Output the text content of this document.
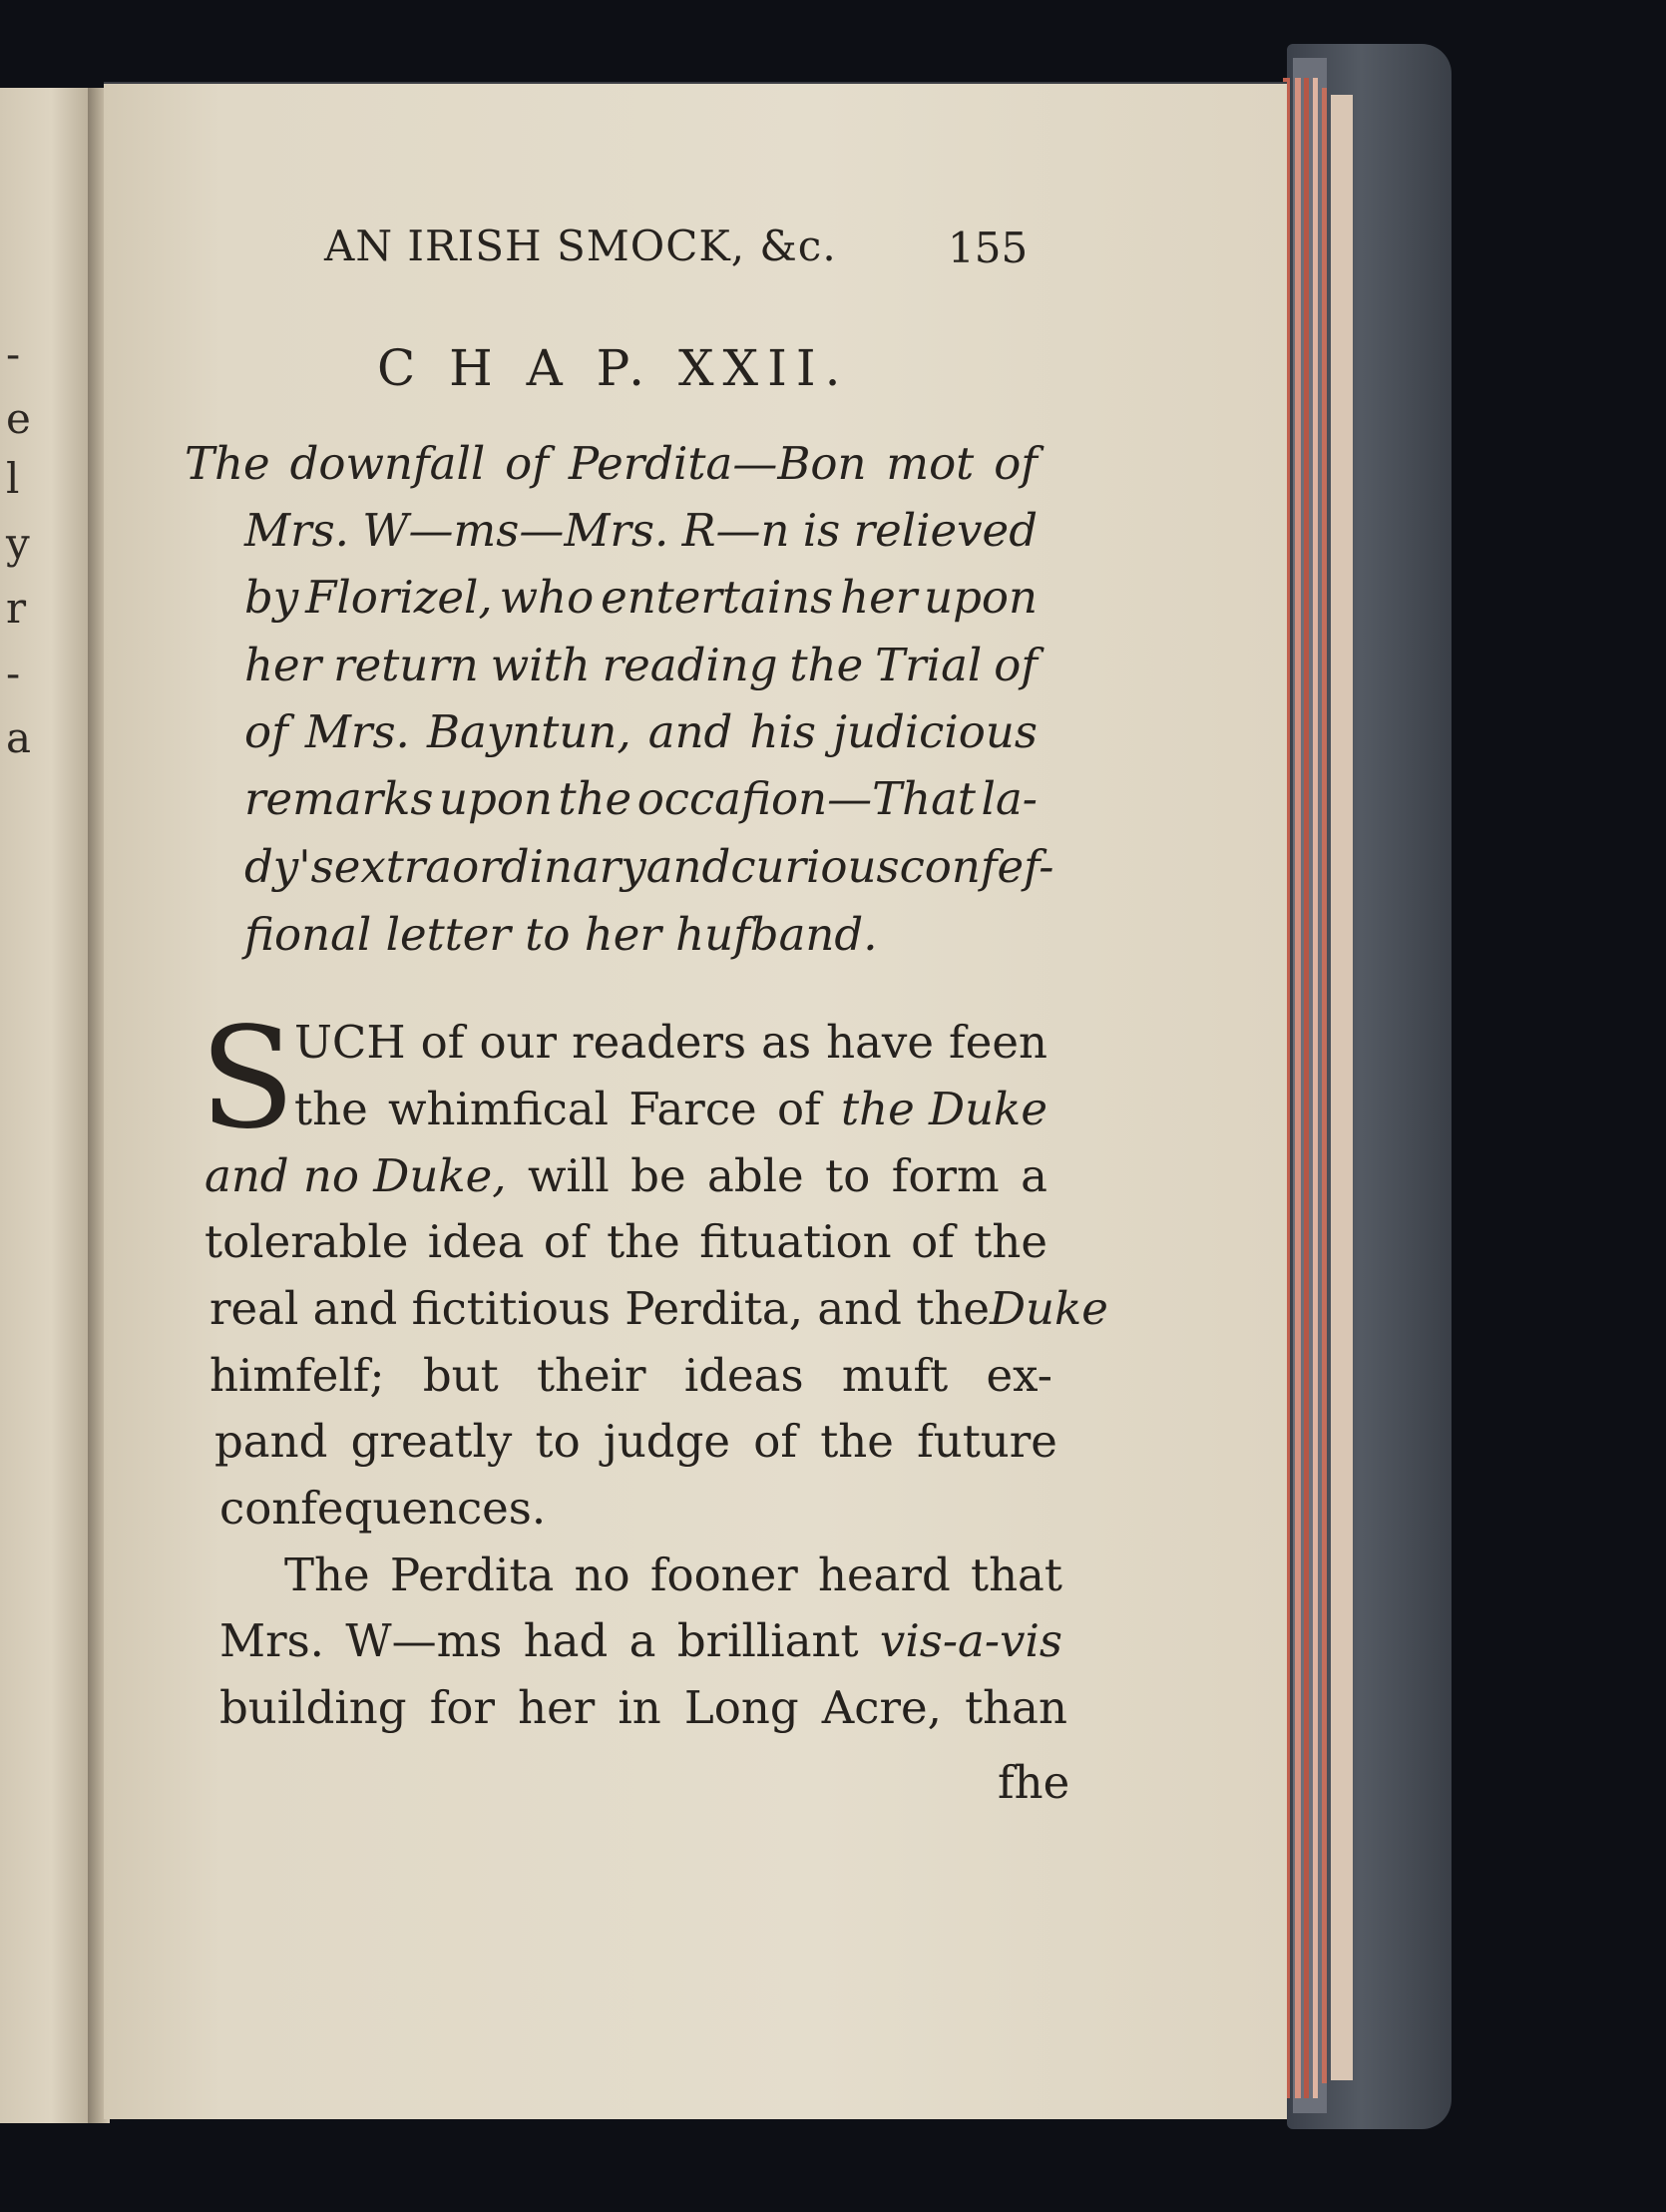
-
e
l
y
r
-
a
AN IRISH SMOCK, &c.	155
C H A P. XXII.
The downfall of Perdita—Bon mot of
Mrs. W—ms—Mrs. R—n is relieved
by Florizel, who entertains her upon
her return with reading the Trial of
of Mrs. Bayntun, and his judicious
remarks upon the occafion—That la-
dy's extraordinary and curious confef-
fional letter to her hufband.
S UCH of our readers as have feen
the whimfical Farce of the Duke
and no Duke, will be able to form a
tolerable idea of the fituation of the
real and fictitious Perdita, and the Duke
himfelf; but their ideas muft ex-
pand greatly to judge of the future
confequences.
The Perdita no fooner heard that
Mrs. W—ms had a brilliant vis-a-vis
building for her in Long Acre, than
fhe
